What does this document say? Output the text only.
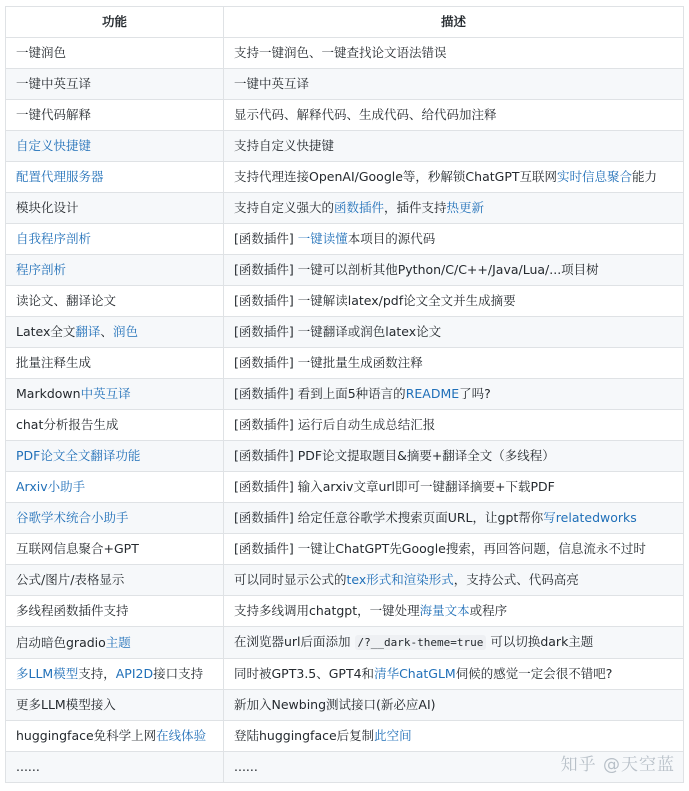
功能	描述
一键润色	支持一键润色、一键查找论文语法错误
一键中英互译	一键中英互译
一键代码解释	显示代码、解释代码、生成代码、给代码加注释
自定义快捷键	支持自定义快捷键
配置代理服务器	支持代理连接OpenAI/Google等，秒解锁ChatGPT互联网实时信息聚合能力
模块化设计	支持自定义强大的函数插件，插件支持热更新
自我程序剖析	[函数插件] 一键读懂本项目的源代码
程序剖析	[函数插件] 一键可以剖析其他Python/C/C++/Java/Lua/...项目树
读论文、翻译论文	[函数插件] 一键解读latex/pdf论文全文并生成摘要
Latex全文翻译、润色	[函数插件] 一键翻译或润色latex论文
批量注释生成	[函数插件] 一键批量生成函数注释
Markdown中英互译	[函数插件] 看到上面5种语言的README了吗?
chat分析报告生成	[函数插件] 运行后自动生成总结汇报
PDF论文全文翻译功能	[函数插件] PDF论文提取题目&摘要+翻译全文（多线程）
Arxiv小助手	[函数插件] 输入arxiv文章url即可一键翻译摘要+下载PDF
谷歌学术统合小助手	[函数插件] 给定任意谷歌学术搜索页面URL，让gpt帮你写relatedworks
互联网信息聚合+GPT	[函数插件] 一键让ChatGPT先Google搜索，再回答问题，信息流永不过时
公式/图片/表格显示	可以同时显示公式的tex形式和渲染形式，支持公式、代码高亮
多线程函数插件支持	支持多线调用chatgpt，一键处理海量文本或程序
启动暗色gradio主题	在浏览器url后面添加 /?__dark-theme=true 可以切换dark主题
多LLM模型支持，API2D接口支持	同时被GPT3.5、GPT4和清华ChatGLM伺候的感觉一定会很不错吧?
更多LLM模型接入	新加入Newbing测试接口(新必应AI)
huggingface免科学上网在线体验	登陆huggingface后复制此空间
......	......	知乎 @天空蓝
